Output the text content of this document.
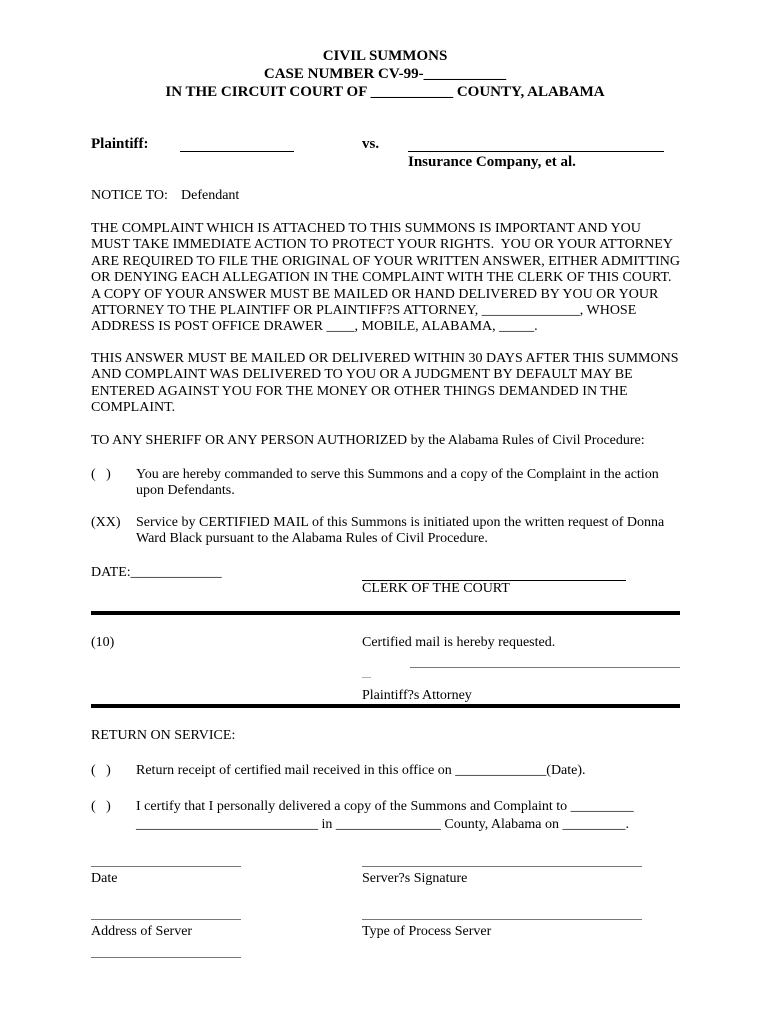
CIVIL SUMMONS
CASE NUMBER CV-99-___________
IN THE CIRCUIT COURT OF ___________ COUNTY, ALABAMA
Plaintiff:	vs.
Insurance Company, et al.
NOTICE TO: Defendant
THE COMPLAINT WHICH IS ATTACHED TO THIS SUMMONS IS IMPORTANT AND YOU
MUST TAKE IMMEDIATE ACTION TO PROTECT YOUR RIGHTS.  YOU OR YOUR ATTORNEY
ARE REQUIRED TO FILE THE ORIGINAL OF YOUR WRITTEN ANSWER, EITHER ADMITTING
OR DENYING EACH ALLEGATION IN THE COMPLAINT WITH THE CLERK OF THIS COURT.
A COPY OF YOUR ANSWER MUST BE MAILED OR HAND DELIVERED BY YOU OR YOUR
ATTORNEY TO THE PLAINTIFF OR PLAINTIFF?S ATTORNEY, ______________, WHOSE
ADDRESS IS POST OFFICE DRAWER ____, MOBILE, ALABAMA, _____.
THIS ANSWER MUST BE MAILED OR DELIVERED WITHIN 30 DAYS AFTER THIS SUMMONS
AND COMPLAINT WAS DELIVERED TO YOU OR A JUDGMENT BY DEFAULT MAY BE
ENTERED AGAINST YOU FOR THE MONEY OR OTHER THINGS DEMANDED IN THE
COMPLAINT.
TO ANY SHERIFF OR ANY PERSON AUTHORIZED by the Alabama Rules of Civil Procedure:
(   ) You are hereby commanded to serve this Summons and a copy of the Complaint in the action
upon Defendants.
(XX) Service by CERTIFIED MAIL of this Summons is initiated upon the written request of Donna
Ward Black pursuant to the Alabama Rules of Civil Procedure.
DATE:_____________
CLERK OF THE COURT
(10)	Certified mail is hereby requested.
__
Plaintiff?s Attorney
RETURN ON SERVICE:
(   ) Return receipt of certified mail received in this office on _____________(Date).
(   ) I certify that I personally delivered a copy of the Summons and Complaint to _________
__________________________ in _______________ County, Alabama on _________.
Date	Server?s Signature
Address of Server	Type of Process Server
